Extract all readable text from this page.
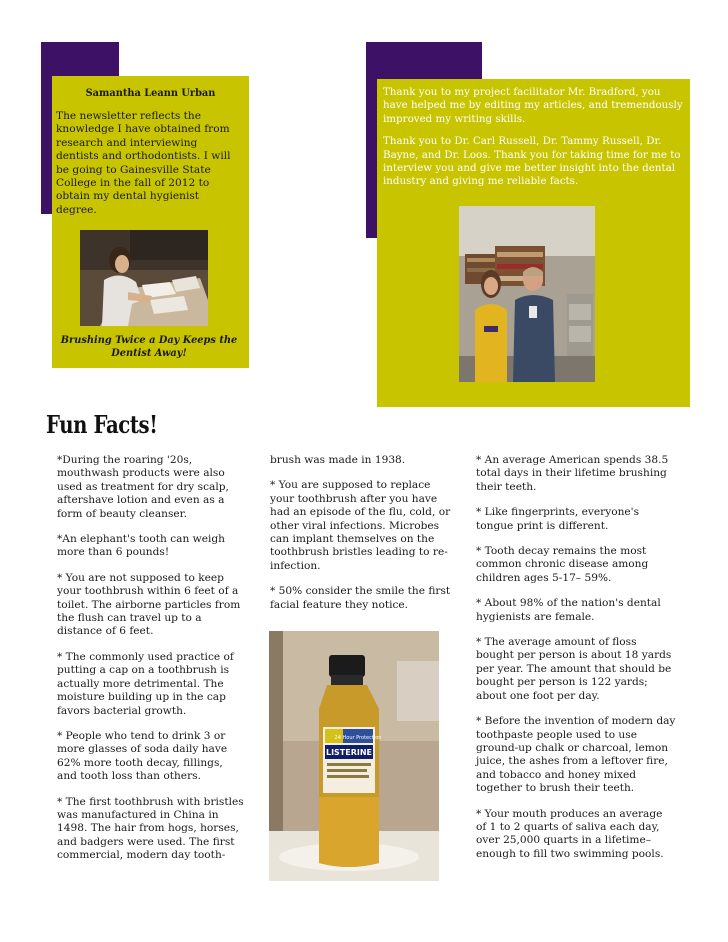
Samantha Leann Urban

The newsletter reflects the knowledge I have obtained from research and interviewing dentists and orthodontists. I will be going to Gainesville State College in the fall of 2012 to obtain my dental hygienist degree.

Brushing Twice a Day Keeps the Dentist Away!

Thank you to my project facilitator Mr. Bradford, you have helped me by editing my articles, and tremendously improved my writing skills.

Thank you to Dr. Carl Russell, Dr. Tammy Russell, Dr. Bayne, and Dr. Loos. Thank you for taking time for me to interview you and give me better insight into the dental industry and giving me reliable facts.

Fun Facts!

*During the roaring '20s, mouthwash products were also used as treatment for dry scalp, aftershave lotion and even as a form of beauty cleanser.

*An elephant's tooth can weigh more than 6 pounds!

* You are not supposed to keep your toothbrush within 6 feet of a toilet. The airborne particles from the flush can travel up to a distance of 6 feet.

* The commonly used practice of putting a cap on a toothbrush is actually more detrimental. The moisture building up in the cap favors bacterial growth.

* People who tend to drink 3 or more glasses of soda daily have 62% more tooth decay, fillings, and tooth loss than others.

* The first toothbrush with bristles was manufactured in China in 1498. The hair from hogs, horses, and badgers were used. The first commercial, modern day tooth-

brush was made in 1938.

* You are supposed to replace your toothbrush after you have had an episode of the flu, cold, or other viral infections. Microbes can implant themselves on the toothbrush bristles leading to re-infection.

* 50% consider the smile the first facial feature they notice.

24 Hour Protection
LISTERINE

* An average American spends 38.5 total days in their lifetime brushing their teeth.

* Like fingerprints, everyone's tongue print is different.

* Tooth decay remains the most common chronic disease among children ages 5-17– 59%.

* About 98% of the nation's dental hygienists are female.

* The average amount of floss bought per person is about 18 yards per year. The amount that should be bought per person is 122 yards; about one foot per day.

* Before the invention of modern day toothpaste people used to use ground-up chalk or charcoal, lemon juice, the ashes from a leftover fire, and tobacco and honey mixed together to brush their teeth.

* Your mouth produces an average of 1 to 2 quarts of saliva each day, over 25,000 quarts in a lifetime– enough to fill two swimming pools.
